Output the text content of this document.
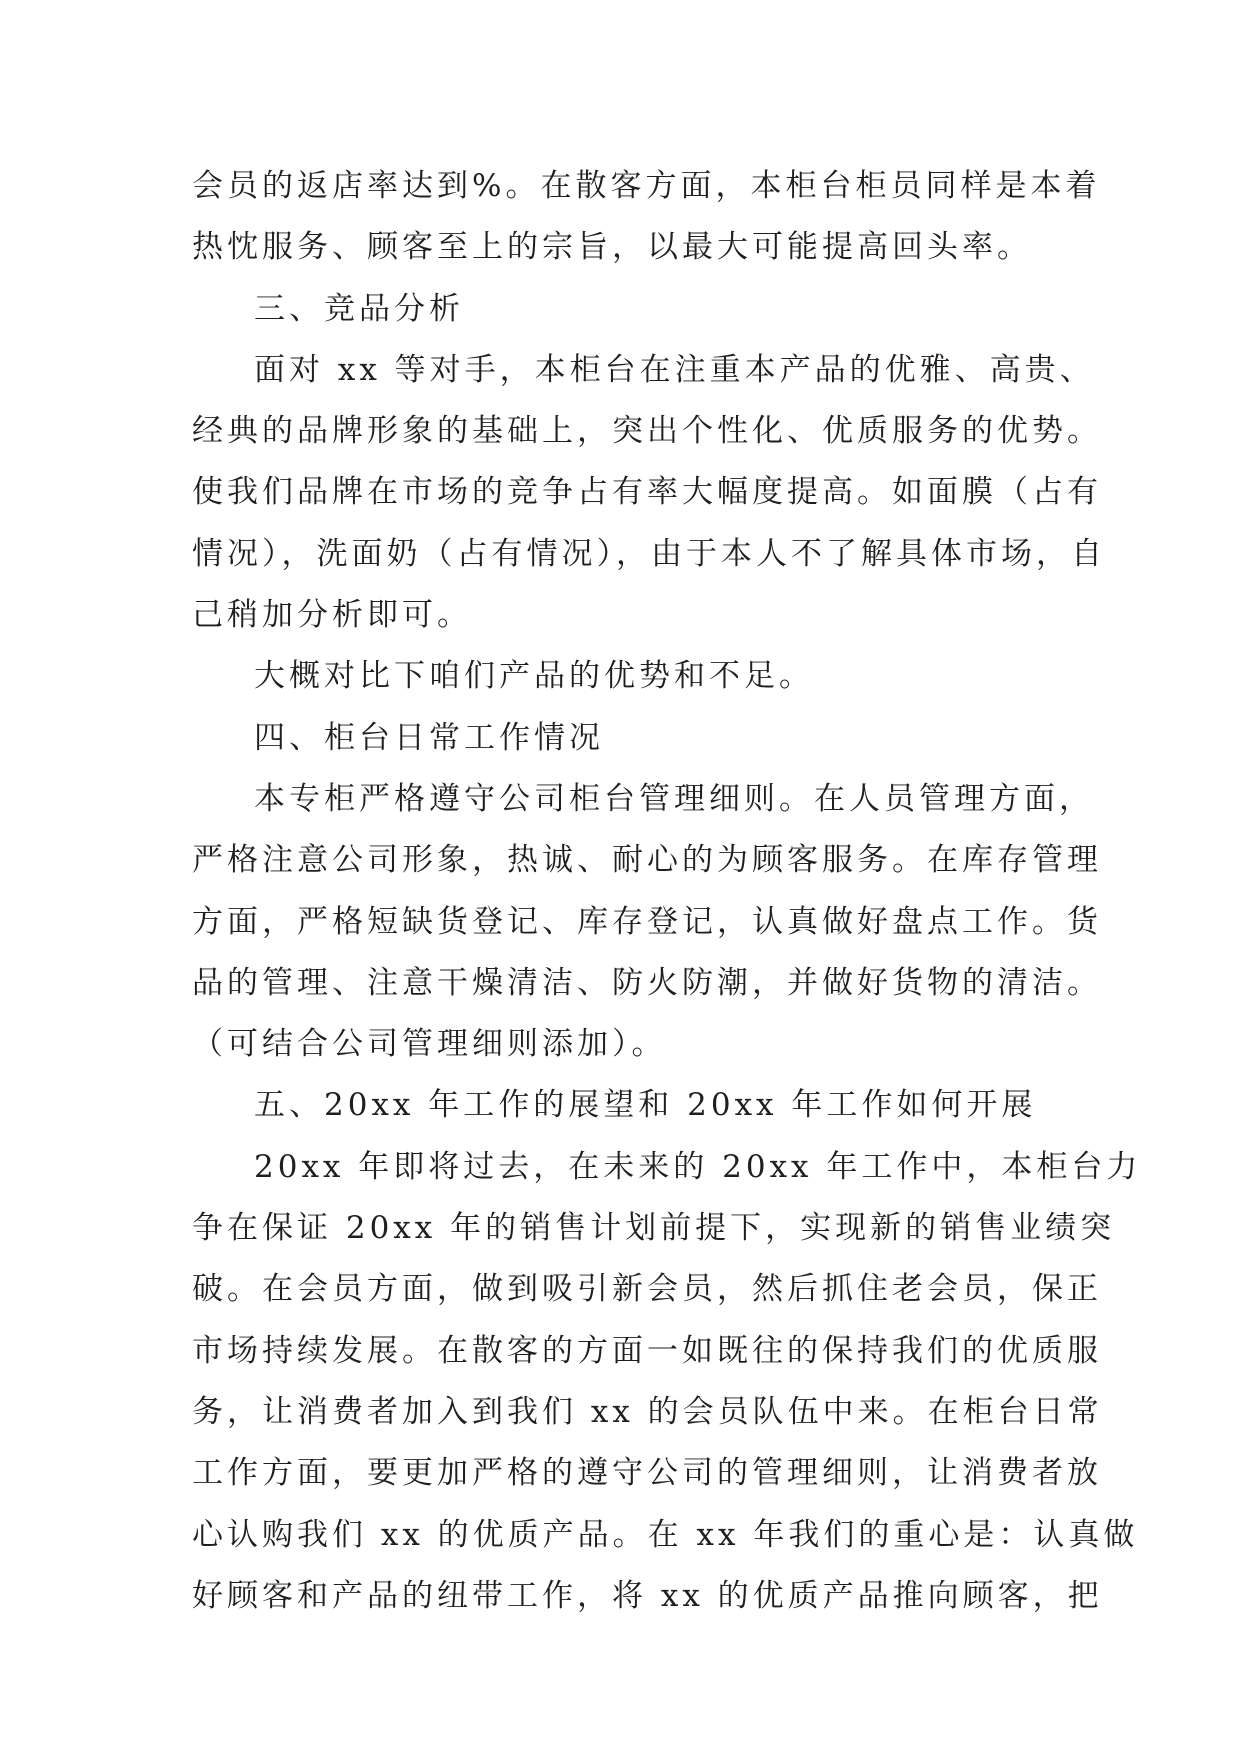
会员的返店率达到%。在散客方面，本柜台柜员同样是本着
热忱服务、顾客至上的宗旨，以最大可能提高回头率。
三、竞品分析
面对 xx 等对手，本柜台在注重本产品的优雅、高贵、
经典的品牌形象的基础上，突出个性化、优质服务的优势。
使我们品牌在市场的竞争占有率大幅度提高。如面膜（占有
情况），洗面奶（占有情况），由于本人不了解具体市场，自
己稍加分析即可。
大概对比下咱们产品的优势和不足。
四、柜台日常工作情况
本专柜严格遵守公司柜台管理细则。在人员管理方面，
严格注意公司形象，热诚、耐心的为顾客服务。在库存管理
方面，严格短缺货登记、库存登记，认真做好盘点工作。货
品的管理、注意干燥清洁、防火防潮，并做好货物的清洁。
（可结合公司管理细则添加）。
五、20xx 年工作的展望和 20xx 年工作如何开展
20xx 年即将过去，在未来的 20xx 年工作中，本柜台力
争在保证 20xx 年的销售计划前提下，实现新的销售业绩突
破。在会员方面，做到吸引新会员，然后抓住老会员，保正
市场持续发展。在散客的方面一如既往的保持我们的优质服
务，让消费者加入到我们 xx 的会员队伍中来。在柜台日常
工作方面，要更加严格的遵守公司的管理细则，让消费者放
心认购我们 xx 的优质产品。在 xx 年我们的重心是：认真做
好顾客和产品的纽带工作，将 xx 的优质产品推向顾客，把
